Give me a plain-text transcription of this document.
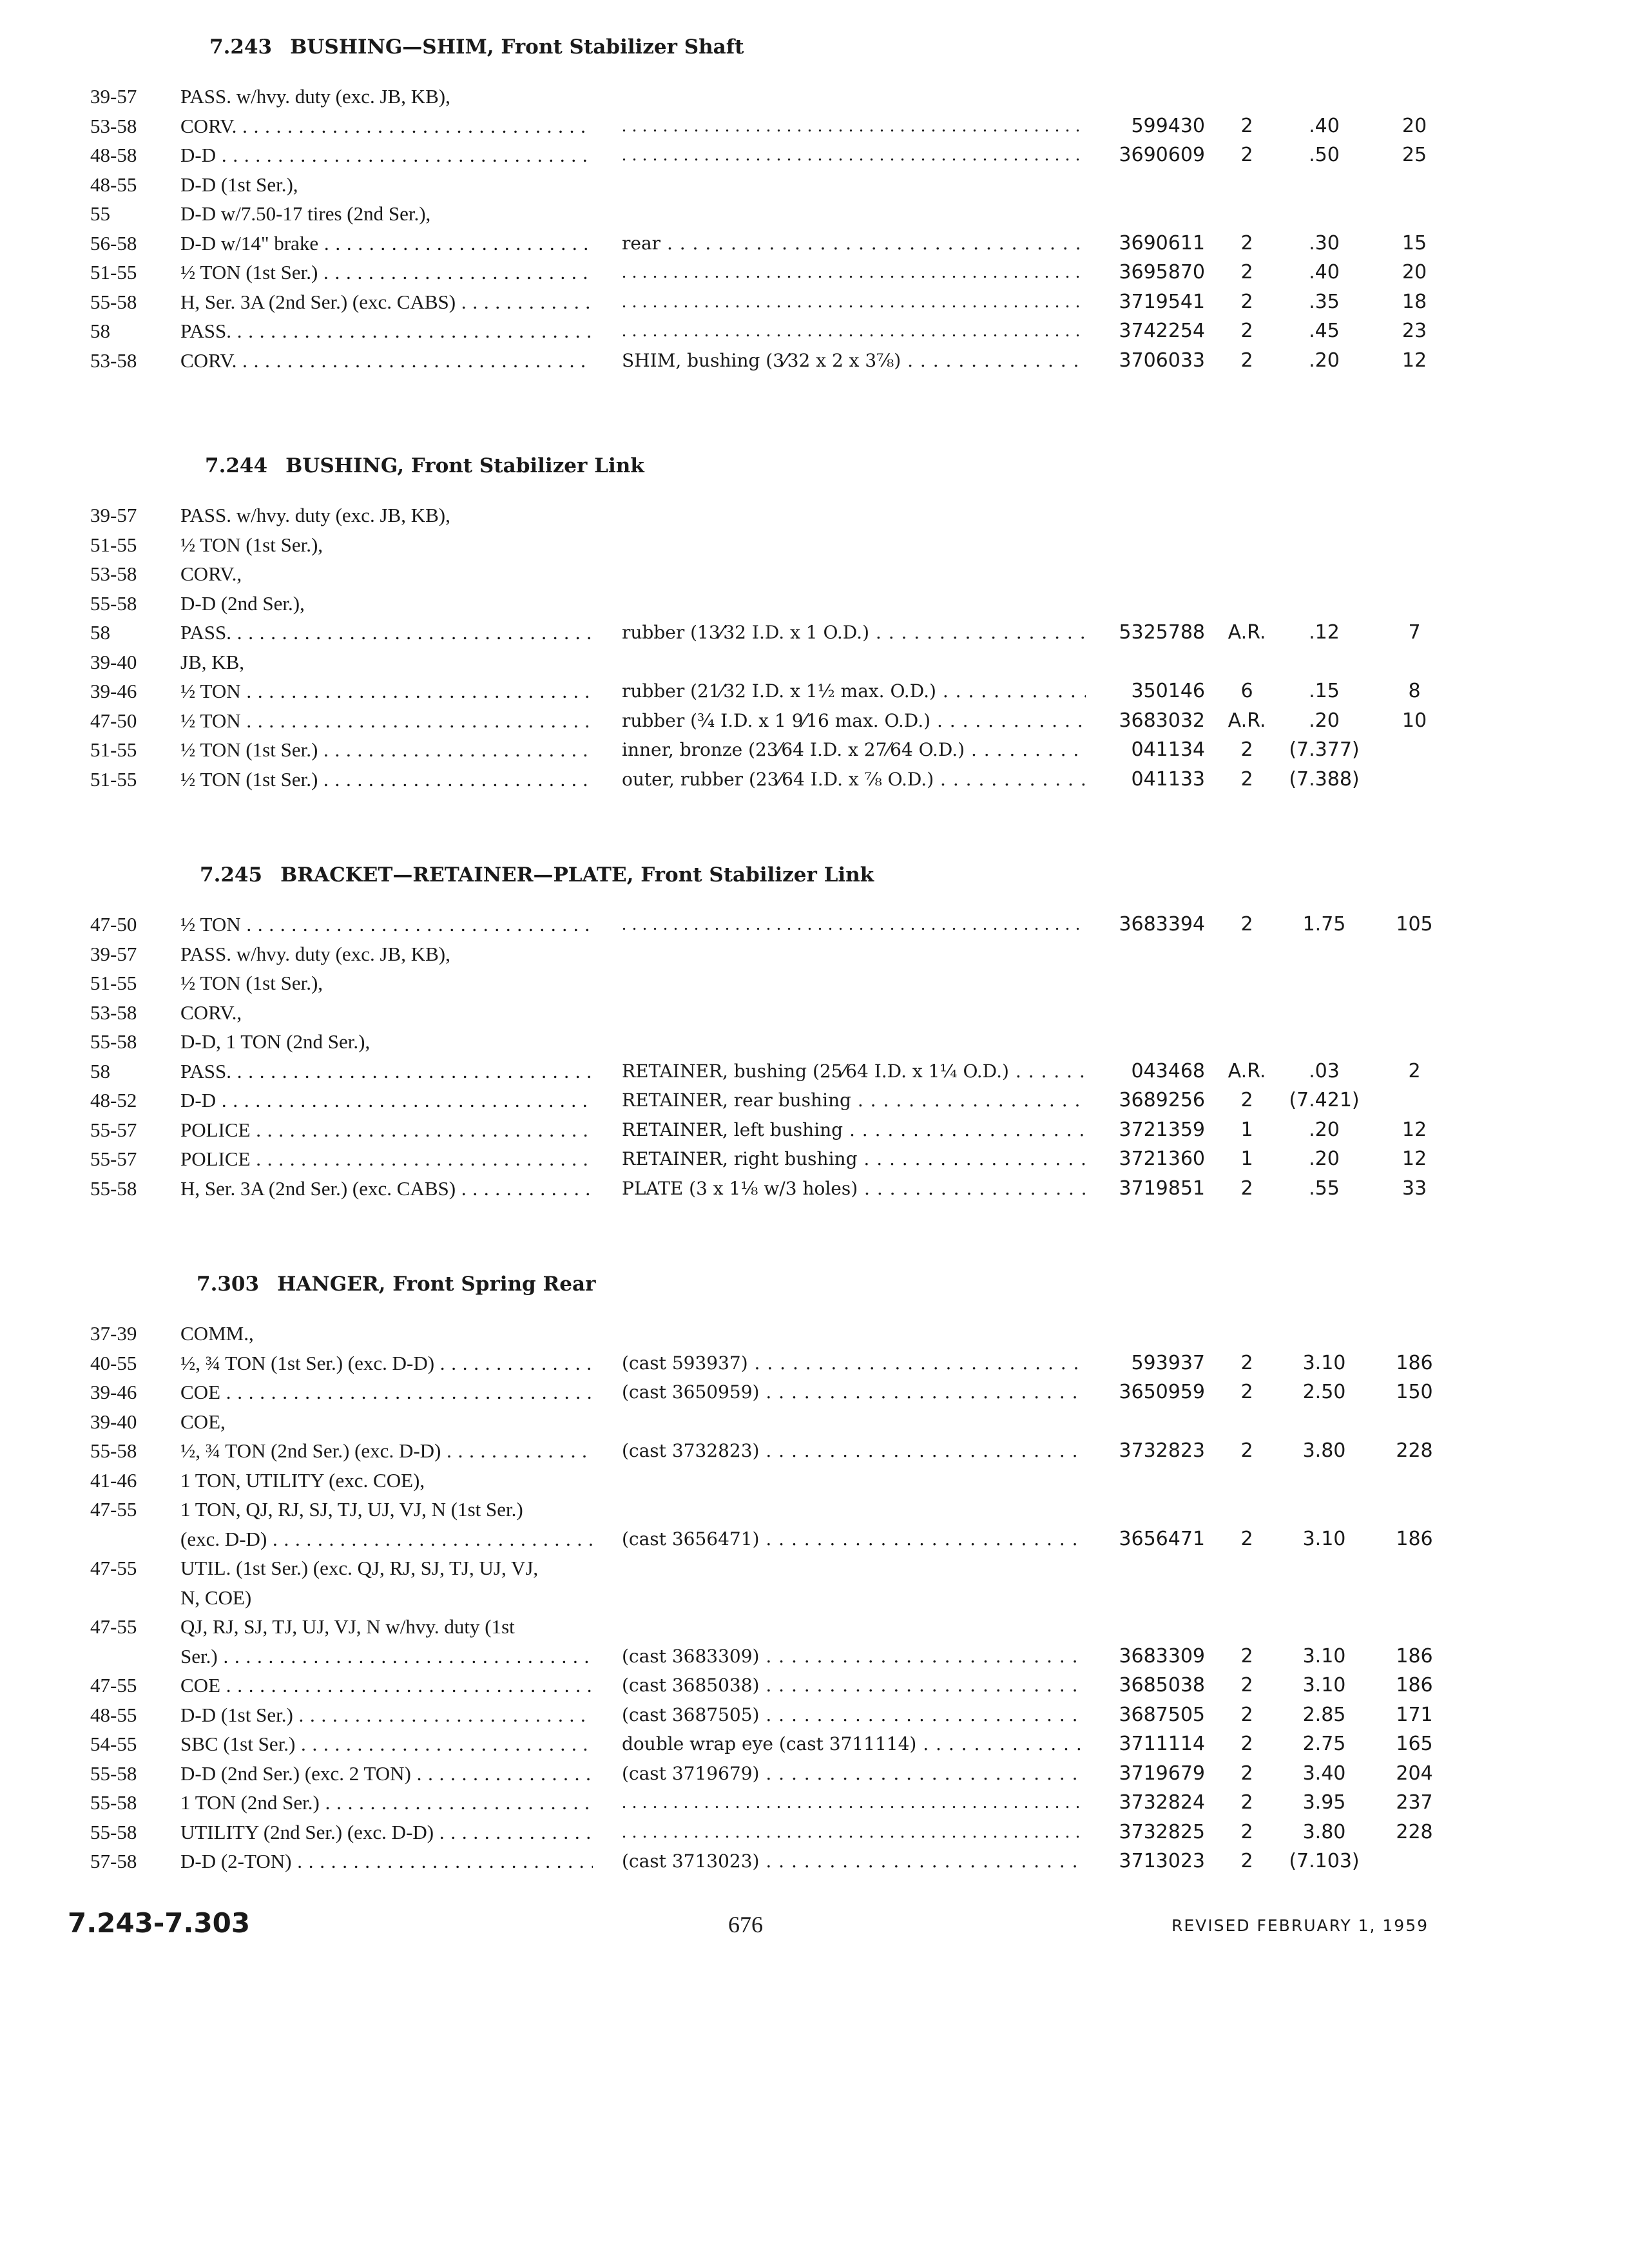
7.243 BUSHING—SHIM, Front Stabilizer Shaft
39-57 PASS. w/hvy. duty (exc. JB, KB),
53-58 CORV. . . . . . .	599430	2	.40	20
48-58 D-D . . . . . .	3690609	2	.50	25
48-55 D-D (1st Ser.),
55	D-D w/7.50-17 tires (2nd Ser.),
56-58 D-D w/14" brake . . .	rear . . .	3690611	2	.30	15
51-55 ½ TON (1st Ser.) . . . . . .	3695870	2	.40	20
55-58 H, Ser. 3A (2nd Ser.) (exc. CABS) . . . . . .	3719541	2	.35	18
58	PASS. . . . . . .	3742254	2	.45	23
53-58 CORV. . . .	SHIM, bushing (3⁄32 x 2 x 3⅞) . . .	3706033	2	.20	12
7.244 BUSHING, Front Stabilizer Link
39-57 PASS. w/hvy. duty (exc. JB, KB),
51-55 ½ TON (1st Ser.),
53-58 CORV.,
55-58 D-D (2nd Ser.),
58	PASS. . . .	rubber (13⁄32 I.D. x 1 O.D.) . . .	5325788	A.R.	.12	7
39-40 JB, KB,
39-46 ½ TON . . .	rubber (21⁄32 I.D. x 1½ max. O.D.) . . .	350146	6	.15	8
47-50 ½ TON . . .	rubber (¾ I.D. x 1 9⁄16 max. O.D.) . . .	3683032	A.R.	.20	10
51-55 ½ TON (1st Ser.) . . .	inner, bronze (23⁄64 I.D. x 27⁄64 O.D.) . . .	041134	2	(7.377)
51-55 ½ TON (1st Ser.) . . .	outer, rubber (23⁄64 I.D. x ⅞ O.D.) . . .	041133	2	(7.388)
7.245 BRACKET—RETAINER—PLATE, Front Stabilizer Link
47-50 ½ TON . . . . . .	3683394	2	1.75	105
39-57 PASS. w/hvy. duty (exc. JB, KB),
51-55 ½ TON (1st Ser.),
53-58 CORV.,
55-58 D-D, 1 TON (2nd Ser.),
58	PASS. . . .	RETAINER, bushing (25⁄64 I.D. x 1¼ O.D.) . . .	043468	A.R.	.03	2
48-52 D-D . . .	RETAINER, rear bushing . . .	3689256	2	(7.421)
55-57 POLICE . . .	RETAINER, left bushing . . .	3721359	1	.20	12
55-57 POLICE . . .	RETAINER, right bushing . . .	3721360	1	.20	12
55-58 H, Ser. 3A (2nd Ser.) (exc. CABS) . . .	PLATE (3 x 1⅛ w/3 holes) . . .	3719851	2	.55	33
7.303 HANGER, Front Spring Rear
37-39 COMM.,
40-55 ½, ¾ TON (1st Ser.) (exc. D-D) . . .	(cast 593937) . . .	593937	2	3.10	186
39-46 COE . . .	(cast 3650959) . . .	3650959	2	2.50	150
39-40 COE,
55-58 ½, ¾ TON (2nd Ser.) (exc. D-D) . . .	(cast 3732823) . . .	3732823	2	3.80	228
41-46 1 TON, UTILITY (exc. COE),
47-55 1 TON, QJ, RJ, SJ, TJ, UJ, VJ, N (1st Ser.)
(exc. D-D) . . .	(cast 3656471) . . .	3656471	2	3.10	186
47-55 UTIL. (1st Ser.) (exc. QJ, RJ, SJ, TJ, UJ, VJ,
N, COE)
47-55 QJ, RJ, SJ, TJ, UJ, VJ, N w/hvy. duty (1st
Ser.) . . .	(cast 3683309) . . .	3683309	2	3.10	186
47-55 COE . . .	(cast 3685038) . . .	3685038	2	3.10	186
48-55 D-D (1st Ser.) . . .	(cast 3687505) . . .	3687505	2	2.85	171
54-55 SBC (1st Ser.) . . .	double wrap eye (cast 3711114) . . .	3711114	2	2.75	165
55-58 D-D (2nd Ser.) (exc. 2 TON) . . .	(cast 3719679) . . .	3719679	2	3.40	204
55-58 1 TON (2nd Ser.) . . . . . .	3732824	2	3.95	237
55-58 UTILITY (2nd Ser.) (exc. D-D) . . . . . .	3732825	2	3.80	228
57-58 D-D (2-TON) . . .	(cast 3713023) . . .	3713023	2	(7.103)
7.243-7.303	676	REVISED FEBRUARY 1, 1959
